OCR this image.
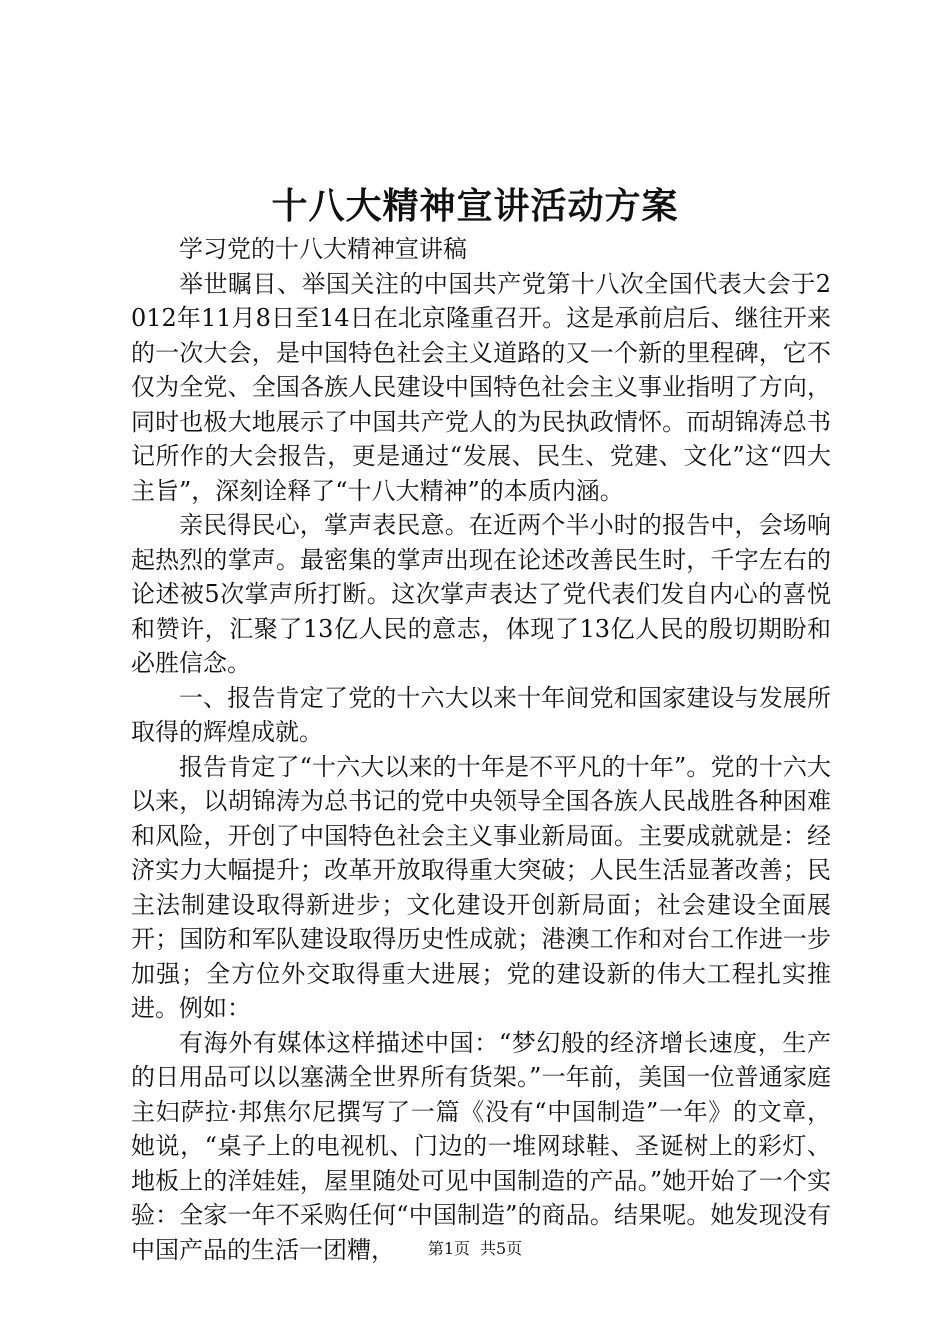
十八大精神宣讲活动方案

学习党的十八大精神宣讲稿

举世瞩目、举国关注的中国共产党第十八次全国代表大会于2012年11月8日至14日在北京隆重召开。这是承前启后、继往开来的一次大会，是中国特色社会主义道路的又一个新的里程碑，它不仅为全党、全国各族人民建设中国特色社会主义事业指明了方向，同时也极大地展示了中国共产党人的为民执政情怀。而胡锦涛总书记所作的大会报告，更是通过“发展、民生、党建、文化”这“四大主旨”，深刻诠释了“十八大精神”的本质内涵。

亲民得民心，掌声表民意。在近两个半小时的报告中，会场响起热烈的掌声。最密集的掌声出现在论述改善民生时，千字左右的论述被5次掌声所打断。这次掌声表达了党代表们发自内心的喜悦和赞许，汇聚了13亿人民的意志，体现了13亿人民的殷切期盼和必胜信念。

一、报告肯定了党的十六大以来十年间党和国家建设与发展所取得的辉煌成就。

报告肯定了“十六大以来的十年是不平凡的十年”。党的十六大以来，以胡锦涛为总书记的党中央领导全国各族人民战胜各种困难和风险，开创了中国特色社会主义事业新局面。主要成就就是：经济实力大幅提升；改革开放取得重大突破；人民生活显著改善；民主法制建设取得新进步；文化建设开创新局面；社会建设全面展开；国防和军队建设取得历史性成就；港澳工作和对台工作进一步加强；全方位外交取得重大进展；党的建设新的伟大工程扎实推进。例如：

有海外有媒体这样描述中国：“梦幻般的经济增长速度，生产的日用品可以以塞满全世界所有货架。”一年前，美国一位普通家庭主妇萨拉·邦焦尔尼撰写了一篇《没有“中国制造”一年》的文章，她说，“桌子上的电视机、门边的一堆网球鞋、圣诞树上的彩灯、地板上的洋娃娃，屋里随处可见中国制造的产品。”她开始了一个实验：全家一年不采购任何“中国制造”的商品。结果呢。她发现没有中国产品的生活一团糟，	第1页 共5页
